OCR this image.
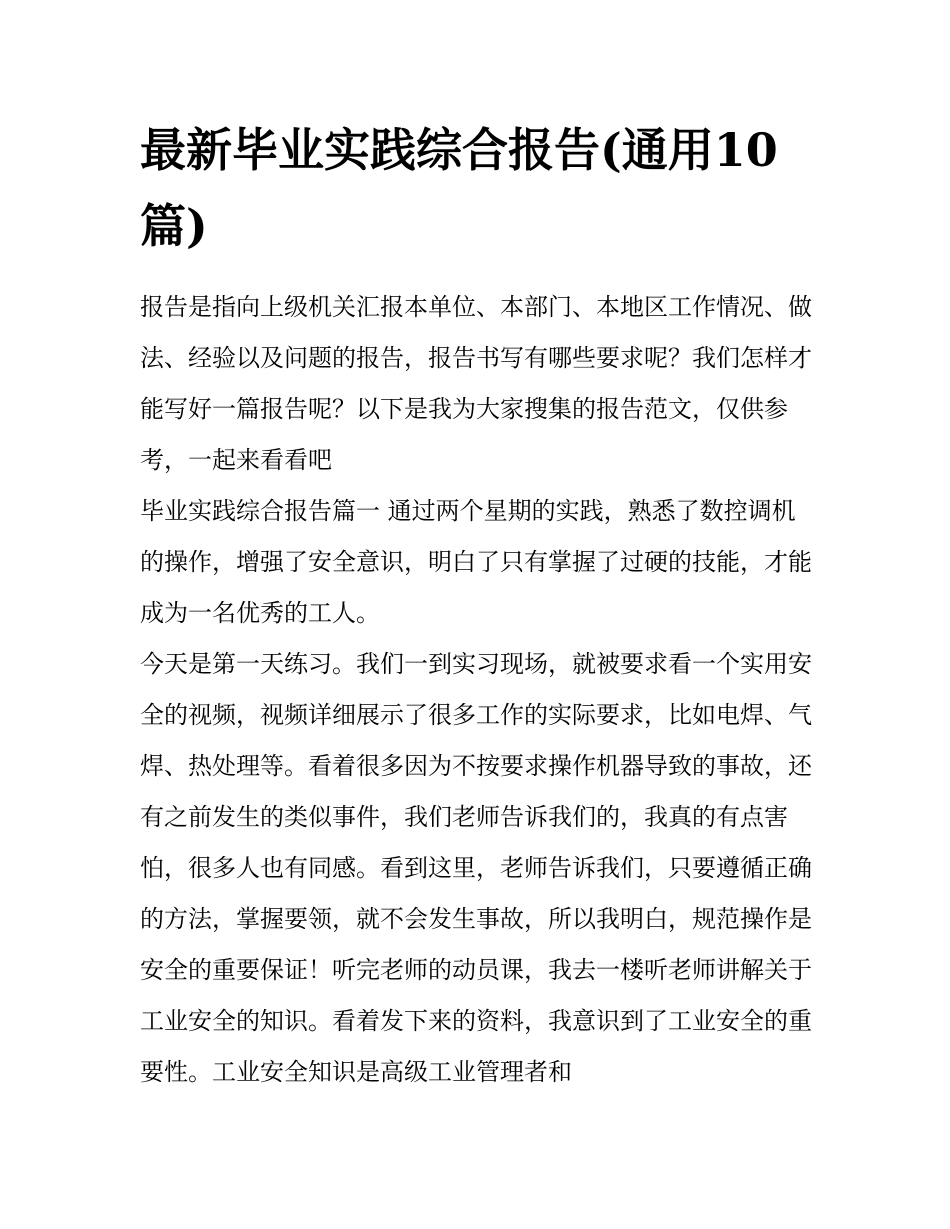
最新毕业实践综合报告(通用10篇)

报告是指向上级机关汇报本单位、本部门、本地区工作情况、做法、经验以及问题的报告，报告书写有哪些要求呢？我们怎样才能写好一篇报告呢？以下是我为大家搜集的报告范文，仅供参考，一起来看看吧

毕业实践综合报告篇一 通过两个星期的实践，熟悉了数控调机的操作，增强了安全意识，明白了只有掌握了过硬的技能，才能成为一名优秀的工人。

今天是第一天练习。我们一到实习现场，就被要求看一个实用安全的视频，视频详细展示了很多工作的实际要求，比如电焊、气焊、热处理等。看着很多因为不按要求操作机器导致的事故，还有之前发生的类似事件，我们老师告诉我们的，我真的有点害怕，很多人也有同感。看到这里，老师告诉我们，只要遵循正确的方法，掌握要领，就不会发生事故，所以我明白，规范操作是安全的重要保证！听完老师的动员课，我去一楼听老师讲解关于工业安全的知识。看着发下来的资料，我意识到了工业安全的重要性。工业安全知识是高级工业管理者和
